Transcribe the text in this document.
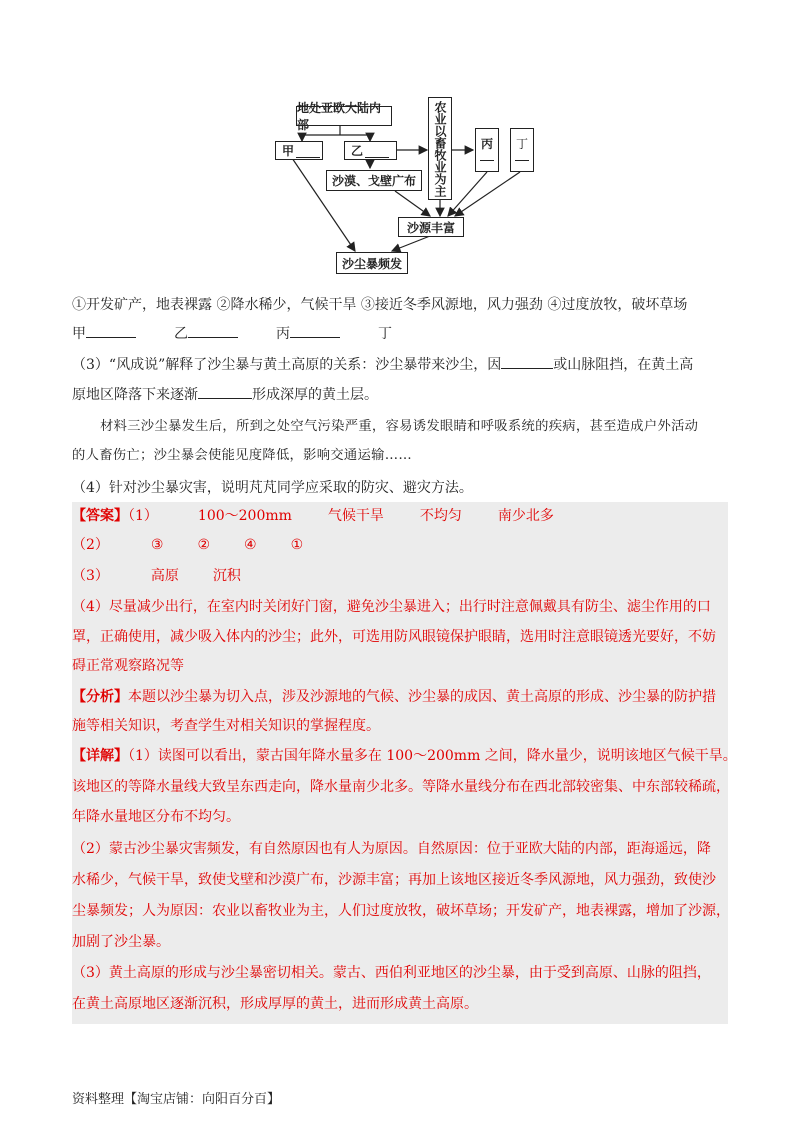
地处亚欧大陆内部
甲	乙
沙漠、戈壁广布 农业以畜牧业为主	丙 丁
沙源丰富
沙尘暴频发
①开发矿产，地表裸露 ②降水稀少，气候干旱 ③接近冬季风源地，风力强劲 ④过度放牧，破坏草场
甲	乙	丙	丁
（3）“风成说”解释了沙尘暴与黄土高原的关系：沙尘暴带来沙尘，因	或山脉阻挡，在黄土高
原地区降落下来逐渐	形成深厚的黄土层。
材料三沙尘暴发生后，所到之处空气污染严重，容易诱发眼睛和呼吸系统的疾病，甚至造成户外活动
的人畜伤亡；沙尘暴会使能见度降低，影响交通运输……
（4）针对沙尘暴灾害，说明芃芃同学应采取的防灾、避灾方法。
【答案】（1）	100～200mm	气候干旱	不均匀	南少北多
（2）	③ ② ④ ①
（3）	高原 沉积
（4）尽量减少出行，在室内时关闭好门窗，避免沙尘暴进入；出行时注意佩戴具有防尘、滤尘作用的口
罩，正确使用，减少吸入体内的沙尘；此外，可选用防风眼镜保护眼睛，选用时注意眼镜透光要好，不妨
碍正常观察路况等
【分析】本题以沙尘暴为切入点，涉及沙源地的气候、沙尘暴的成因、黄土高原的形成、沙尘暴的防护措
施等相关知识，考查学生对相关知识的掌握程度。
【详解】（1）读图可以看出，蒙古国年降水量多在 100～200mm 之间，降水量少，说明该地区气候干旱。
该地区的等降水量线大致呈东西走向，降水量南少北多。等降水量线分布在西北部较密集、中东部较稀疏，
年降水量地区分布不均匀。
（2）蒙古沙尘暴灾害频发，有自然原因也有人为原因。自然原因：位于亚欧大陆的内部，距海遥远，降
水稀少，气候干旱，致使戈壁和沙漠广布，沙源丰富；再加上该地区接近冬季风源地，风力强劲，致使沙
尘暴频发；人为原因：农业以畜牧业为主，人们过度放牧，破坏草场；开发矿产，地表裸露，增加了沙源，
加剧了沙尘暴。
（3）黄土高原的形成与沙尘暴密切相关。蒙古、西伯利亚地区的沙尘暴，由于受到高原、山脉的阻挡，
在黄土高原地区逐渐沉积，形成厚厚的黄土，进而形成黄土高原。
资料整理【淘宝店铺：向阳百分百】
